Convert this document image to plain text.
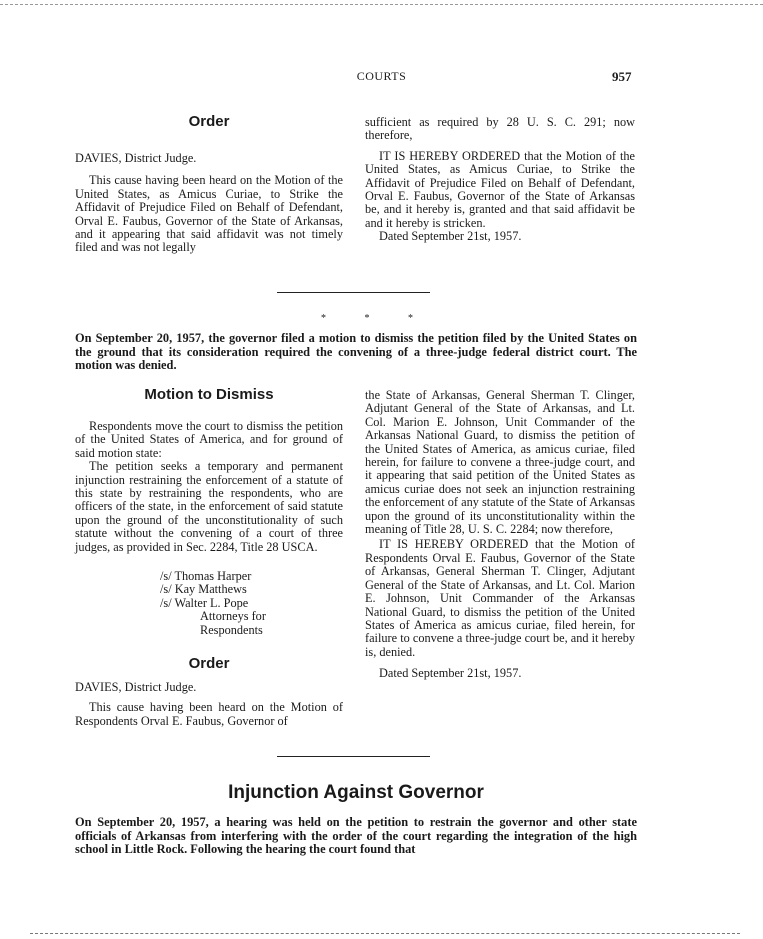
COURTS	957
Order

DAVIES, District Judge.

This cause having been heard on the Motion of the United States, as Amicus Curiae, to Strike the Affidavit of Prejudice Filed on Behalf of Defendant, Orval E. Faubus, Governor of the State of Arkansas, and it appearing that said affidavit was not timely filed and was not legally

sufficient as required by 28 U. S. C. 291; now therefore,

IT IS HEREBY ORDERED that the Motion of the United States, as Amicus Curiae, to Strike the Affidavit of Prejudice Filed on Behalf of Defendant, Orval E. Faubus, Governor of the State of Arkansas be, and it hereby is, granted and that said affidavit be and it hereby is stricken.

Dated September 21st, 1957.

* * *
On September 20, 1957, the governor filed a motion to dismiss the petition filed by the United States on the ground that its consideration required the convening of a three-judge federal district court. The motion was denied.
Motion to Dismiss

Respondents move the court to dismiss the petition of the United States of America, and for ground of said motion state:

The petition seeks a temporary and permanent injunction restraining the enforcement of a statute of this state by restraining the respondents, who are officers of the state, in the enforcement of said statute upon the ground of the unconstitutionality of such statute without the convening of a court of three judges, as provided in Sec. 2284, Title 28 USCA.

/s/ Thomas Harper
/s/ Kay Matthews
/s/ Walter L. Pope
Attorneys for
Respondents
Order

DAVIES, District Judge.

This cause having been heard on the Motion of Respondents Orval E. Faubus, Governor of

the State of Arkansas, General Sherman T. Clinger, Adjutant General of the State of Arkansas, and Lt. Col. Marion E. Johnson, Unit Commander of the Arkansas National Guard, to dismiss the petition of the United States of America, as amicus curiae, filed herein, for failure to convene a three-judge court, and it appearing that said petition of the United States as amicus curiae does not seek an injunction restraining the enforcement of any statute of the State of Arkansas upon the ground of its unconstitutionality within the meaning of Title 28, U. S. C. 2284; now therefore,

IT IS HEREBY ORDERED that the Motion of Respondents Orval E. Faubus, Governor of the State of Arkansas, General Sherman T. Clinger, Adjutant General of the State of Arkansas, and Lt. Col. Marion E. Johnson, Unit Commander of the Arkansas National Guard, to dismiss the petition of the United States of America as amicus curiae, filed herein, for failure to convene a three-judge court be, and it hereby is, denied.

Dated September 21st, 1957.

Injunction Against Governor
On September 20, 1957, a hearing was held on the petition to restrain the governor and other state officials of Arkansas from interfering with the order of the court regarding the integration of the high school in Little Rock. Following the hearing the court found that
